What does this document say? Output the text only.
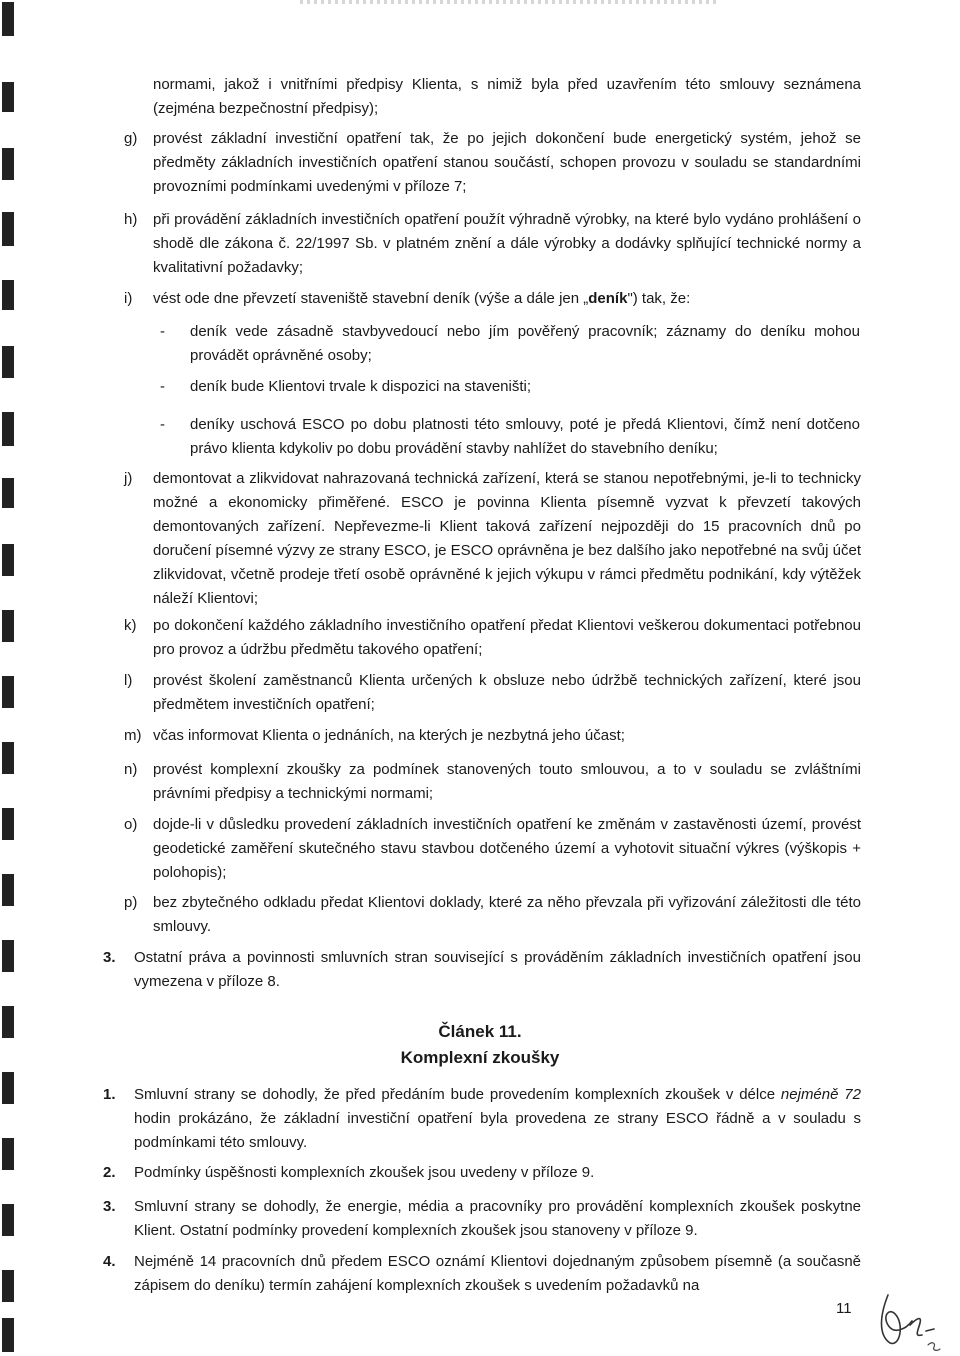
normami, jakož i vnitřními předpisy Klienta, s nimiž byla před uzavřením této smlouvy seznámena (zejména bezpečnostní předpisy);
g) provést základní investiční opatření tak, že po jejich dokončení bude energetický systém, jehož se předměty základních investičních opatření stanou součástí, schopen provozu v souladu se standardními provozními podmínkami uvedenými v příloze 7;
h) při provádění základních investičních opatření použít výhradně výrobky, na které bylo vydáno prohlášení o shodě dle zákona č. 22/1997 Sb. v platném znění a dále výrobky a dodávky splňující technické normy a kvalitativní požadavky;
i) vést ode dne převzetí staveniště stavební deník (výše a dále jen „deník") tak, že:
- deník vede zásadně stavbyvedoucí nebo jím pověřený pracovník; záznamy do deníku mohou provádět oprávněné osoby;
- deník bude Klientovi trvale k dispozici na staveništi;
- deníky uschová ESCO po dobu platnosti této smlouvy, poté je předá Klientovi, čímž není dotčeno právo klienta kdykoliv po dobu provádění stavby nahlížet do stavebního deníku;
j) demontovat a zlikvidovat nahrazovaná technická zařízení, která se stanou nepotřebnými, je-li to technicky možné a ekonomicky přiměřené. ESCO je povinna Klienta písemně vyzvat k převzetí takových demontovaných zařízení. Nepřevezme-li Klient taková zařízení nejpozději do 15 pracovních dnů po doručení písemné výzvy ze strany ESCO, je ESCO oprávněna je bez dalšího jako nepotřebné na svůj účet zlikvidovat, včetně prodeje třetí osobě oprávněné k jejich výkupu v rámci předmětu podnikání, kdy výtěžek náleží Klientovi;
k) po dokončení každého základního investičního opatření předat Klientovi veškerou dokumentaci potřebnou pro provoz a údržbu předmětu takového opatření;
l) provést školení zaměstnanců Klienta určených k obsluze nebo údržbě technických zařízení, které jsou předmětem investičních opatření;
m) včas informovat Klienta o jednáních, na kterých je nezbytná jeho účast;
n) provést komplexní zkoušky za podmínek stanovených touto smlouvou, a to v souladu se zvláštními právními předpisy a technickými normami;
o) dojde-li v důsledku provedení základních investičních opatření ke změnám v zastavěnosti území, provést geodetické zaměření skutečného stavu stavbou dotčeného území a vyhotovit situační výkres (výškopis + polohopis);
p) bez zbytečného odkladu předat Klientovi doklady, které za něho převzala při vyřizování záležitosti dle této smlouvy.
3. Ostatní práva a povinnosti smluvních stran související s prováděním základních investičních opatření jsou vymezena v příloze 8.
Článek 11.
Komplexní zkoušky
1. Smluvní strany se dohodly, že před předáním bude provedením komplexních zkoušek v délce nejméně 72 hodin prokázáno, že základní investiční opatření byla provedena ze strany ESCO řádně a v souladu s podmínkami této smlouvy.
2. Podmínky úspěšnosti komplexních zkoušek jsou uvedeny v příloze 9.
3. Smluvní strany se dohodly, že energie, média a pracovníky pro provádění komplexních zkoušek poskytne Klient. Ostatní podmínky provedení komplexních zkoušek jsou stanoveny v příloze 9.
4. Nejméně 14 pracovních dnů předem ESCO oznámí Klientovi dojednaným způsobem písemně (a současně zápisem do deníku) termín zahájení komplexních zkoušek s uvedením požadavků na
11
